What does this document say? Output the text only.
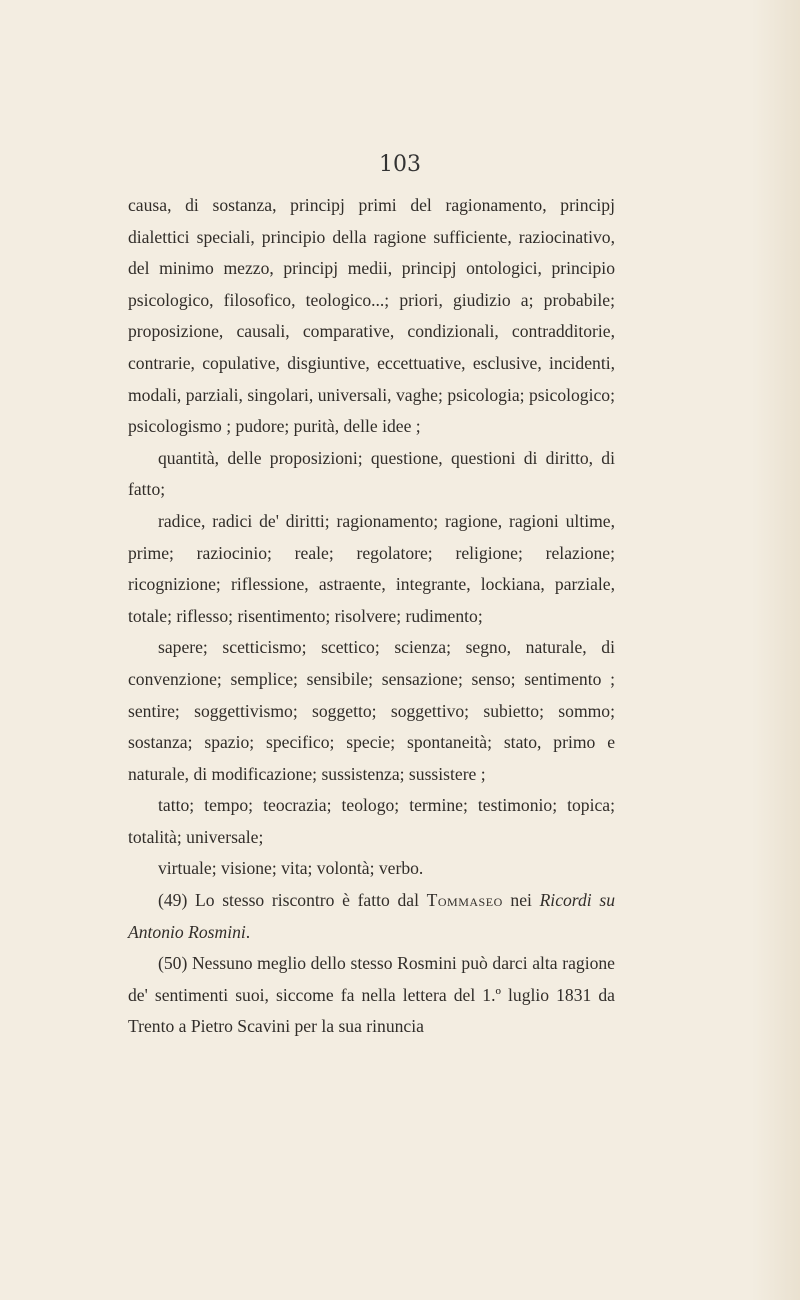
103

causa, di sostanza, principj primi del ragionamento, principj dialettici speciali, principio della ragione sufficiente, raziocinativo, del minimo mezzo, principj medii, principj ontologici, principio psicologico, filosofico, teologico...; priori, giudizio a; probabile; proposizione, causali, comparative, condizionali, contradditorie, contrarie, copulative, disgiuntive, eccettuative, esclusive, incidenti, modali, parziali, singolari, universali, vaghe; psicologia; psicologico; psicologismo ; pudore; purità, delle idee ;

quantità, delle proposizioni; questione, questioni di diritto, di fatto;

radice, radici de' diritti; ragionamento; ragione, ragioni ultime, prime; raziocinio; reale; regolatore; religione; relazione; ricognizione; riflessione, astraente, integrante, lockiana, parziale, totale; riflesso; risentimento; risolvere; rudimento;

sapere; scetticismo; scettico; scienza; segno, naturale, di convenzione; semplice; sensibile; sensazione; senso; sentimento ; sentire; soggettivismo; soggetto; soggettivo; subietto; sommo; sostanza; spazio; specifico; specie; spontaneità; stato, primo e naturale, di modificazione; sussistenza; sussistere ;

tatto; tempo; teocrazia; teologo; termine; testimonio; topica; totalità; universale;

virtuale; visione; vita; volontà; verbo.

(49) Lo stesso riscontro è fatto dal Tommaseo nei Ricordi su Antonio Rosmini.

(50) Nessuno meglio dello stesso Rosmini può darci alta ragione de' sentimenti suoi, siccome fa nella lettera del 1.º luglio 1831 da Trento a Pietro Scavini per la sua rinuncia
